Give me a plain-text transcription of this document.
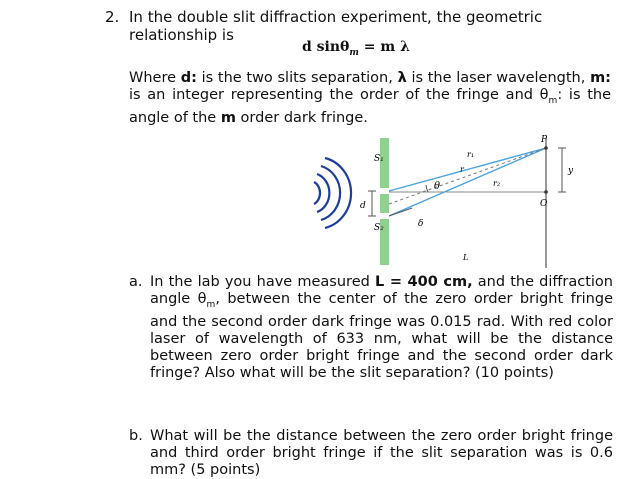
2. In the double slit diffraction experiment, the geometric relationship is
d sinθ$_m$ = m λ
Where d: is the two slits separation, λ is the laser wavelength, m: is an integer representing the order of the fringe and $\theta_m$: is the angle of the m order dark fringe.
S₁
S₂
d
θ
δ
P
r₁
r
r₂
y
O
L
a. In the lab you have measured L = 400 cm, and the diffraction angle $\theta_m$, between the center of the zero order bright fringe and the second order dark fringe was 0.015 rad. With red color laser of wavelength of 633 nm, what will be the distance between zero order bright fringe and the second order dark fringe? Also what will be the slit separation? (10 points)
b. What will be the distance between the zero order bright fringe and third order bright fringe if the slit separation was is 0.6 mm? (5 points)
